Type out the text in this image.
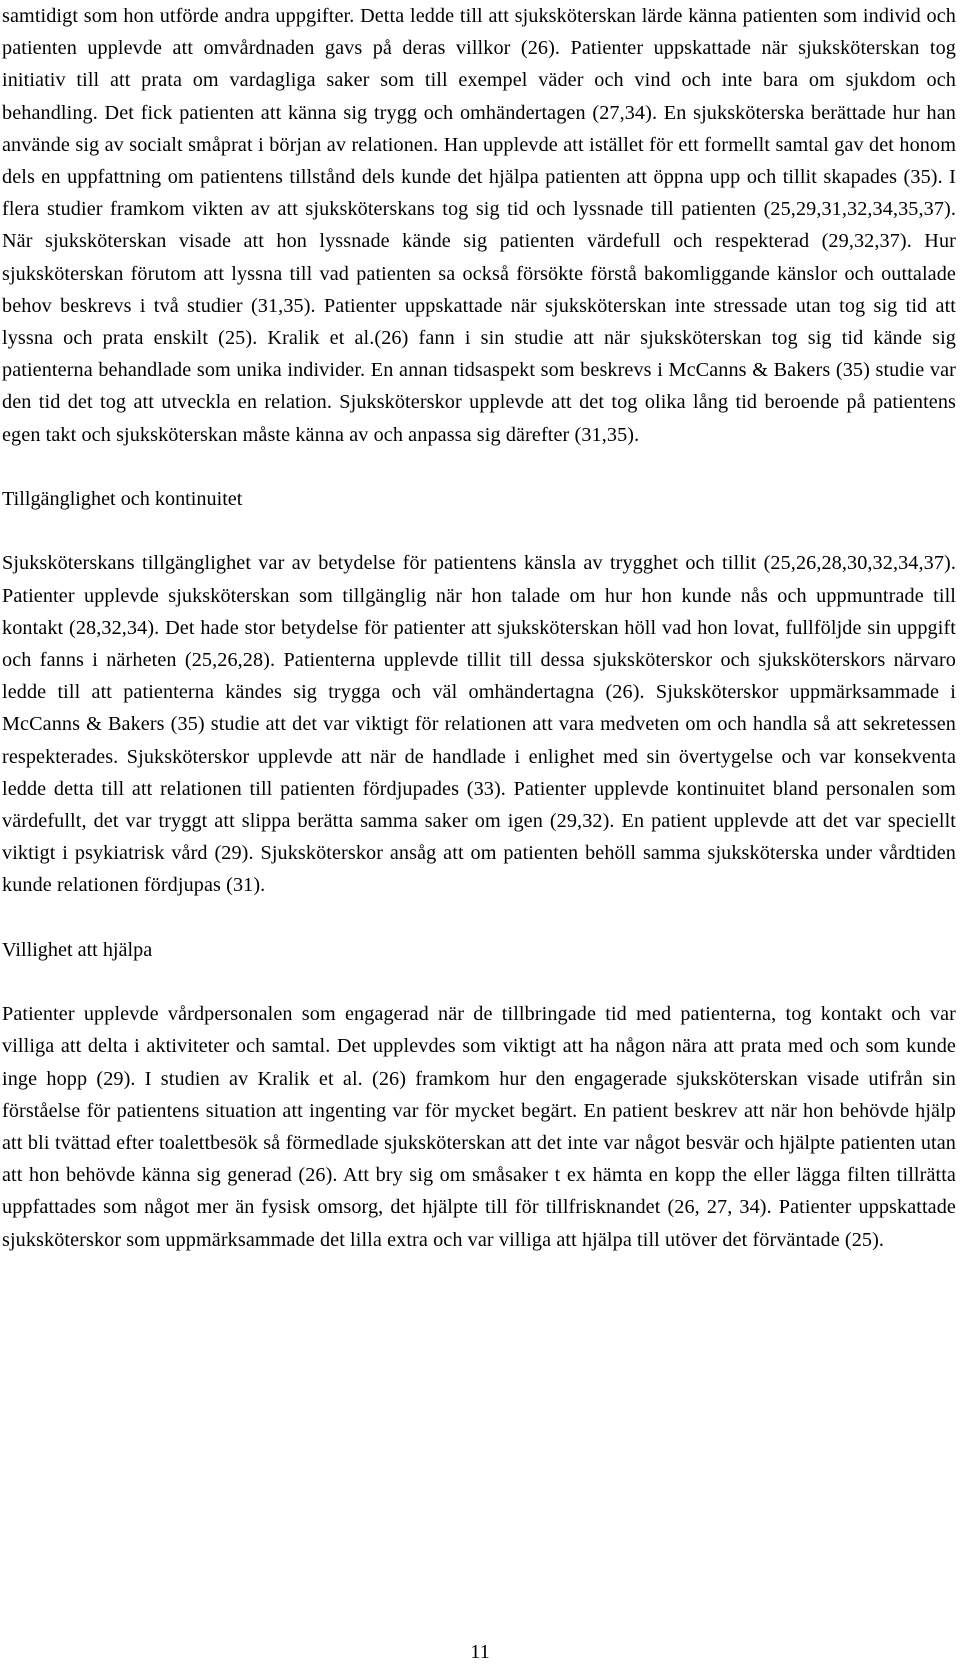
samtidigt som hon utförde andra uppgifter. Detta ledde till att sjuksköterskan lärde känna patienten som individ och patienten upplevde att omvårdnaden gavs på deras villkor (26). Patienter uppskattade när sjuksköterskan tog initiativ till att prata om vardagliga saker som till exempel väder och vind och inte bara om sjukdom och behandling. Det fick patienten att känna sig trygg och omhändertagen (27,34). En sjuksköterska berättade hur han använde sig av socialt småprat i början av relationen. Han upplevde att istället för ett formellt samtal gav det honom dels en uppfattning om patientens tillstånd dels kunde det hjälpa patienten att öppna upp och tillit skapades (35). I flera studier framkom vikten av att sjuksköterskans tog sig tid och lyssnade till patienten (25,29,31,32,34,35,37). När sjuksköterskan visade att hon lyssnade kände sig patienten värdefull och respekterad (29,32,37). Hur sjuksköterskan förutom att lyssna till vad patienten sa också försökte förstå bakomliggande känslor och outtalade behov beskrevs i två studier (31,35). Patienter uppskattade när sjuksköterskan inte stressade utan tog sig tid att lyssna och prata enskilt (25). Kralik et al.(26) fann i sin studie att när sjuksköterskan tog sig tid kände sig patienterna behandlade som unika individer. En annan tidsaspekt som beskrevs i McCanns & Bakers (35) studie var den tid det tog att utveckla en relation. Sjuksköterskor upplevde att det tog olika lång tid beroende på patientens egen takt och sjuksköterskan måste känna av och anpassa sig därefter (31,35).

Tillgänglighet och kontinuitet

Sjuksköterskans tillgänglighet var av betydelse för patientens känsla av trygghet och tillit (25,26,28,30,32,34,37). Patienter upplevde sjuksköterskan som tillgänglig när hon talade om hur hon kunde nås och uppmuntrade till kontakt (28,32,34). Det hade stor betydelse för patienter att sjuksköterskan höll vad hon lovat, fullföljde sin uppgift och fanns i närheten (25,26,28). Patienterna upplevde tillit till dessa sjuksköterskor och sjuksköterskors närvaro ledde till att patienterna kändes sig trygga och väl omhändertagna (26). Sjuksköterskor uppmärksammade i McCanns & Bakers (35) studie att det var viktigt för relationen att vara medveten om och handla så att sekretessen respekterades. Sjuksköterskor upplevde att när de handlade i enlighet med sin övertygelse och var konsekventa ledde detta till att relationen till patienten fördjupades (33). Patienter upplevde kontinuitet bland personalen som värdefullt, det var tryggt att slippa berätta samma saker om igen (29,32). En patient upplevde att det var speciellt viktigt i psykiatrisk vård (29). Sjuksköterskor ansåg att om patienten behöll samma sjuksköterska under vårdtiden kunde relationen fördjupas (31).

Villighet att hjälpa

Patienter upplevde vårdpersonalen som engagerad när de tillbringade tid med patienterna, tog kontakt och var villiga att delta i aktiviteter och samtal. Det upplevdes som viktigt att ha någon nära att prata med och som kunde inge hopp (29). I studien av Kralik et al. (26) framkom hur den engagerade sjuksköterskan visade utifrån sin förståelse för patientens situation att ingenting var för mycket begärt. En patient beskrev att när hon behövde hjälp att bli tvättad efter toalettbesök så förmedlade sjuksköterskan att det inte var något besvär och hjälpte patienten utan att hon behövde känna sig generad (26). Att bry sig om småsaker t ex hämta en kopp the eller lägga filten tillrätta uppfattades som något mer än fysisk omsorg, det hjälpte till för tillfrisknandet (26, 27, 34). Patienter uppskattade sjuksköterskor som uppmärksammade det lilla extra och var villiga att hjälpa till utöver det förväntade (25).

11
